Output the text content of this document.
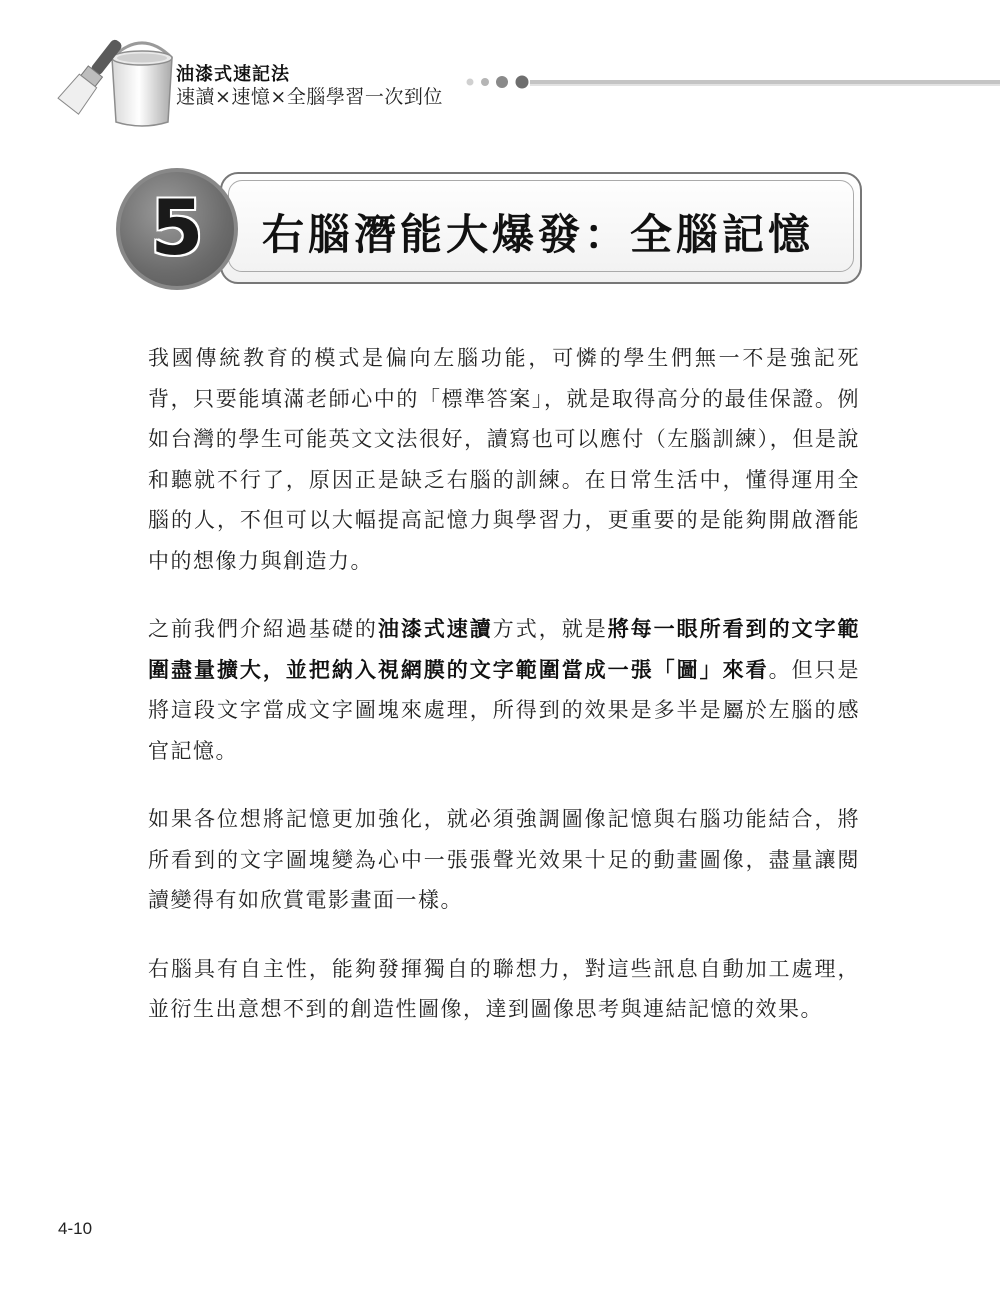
油漆式速記法
速讀×速憶×全腦學習一次到位
5 右腦潛能大爆發：全腦記憶

我國傳統教育的模式是偏向左腦功能，可憐的學生們無一不是強記死背，只要能填滿老師心中的「標準答案」，就是取得高分的最佳保證。例如台灣的學生可能英文文法很好，讀寫也可以應付（左腦訓練），但是說和聽就不行了，原因正是缺乏右腦的訓練。在日常生活中，懂得運用全腦的人，不但可以大幅提高記憶力與學習力，更重要的是能夠開啟潛能中的想像力與創造力。

之前我們介紹過基礎的油漆式速讀方式，就是將每一眼所看到的文字範圍盡量擴大，並把納入視網膜的文字範圍當成一張「圖」來看。但只是將這段文字當成文字圖塊來處理，所得到的效果是多半是屬於左腦的感官記憶。

如果各位想將記憶更加強化，就必須強調圖像記憶與右腦功能結合，將所看到的文字圖塊變為心中一張張聲光效果十足的動畫圖像，盡量讓閱讀變得有如欣賞電影畫面一樣。

右腦具有自主性，能夠發揮獨自的聯想力，對這些訊息自動加工處理，並衍生出意想不到的創造性圖像，達到圖像思考與連結記憶的效果。

4-10
